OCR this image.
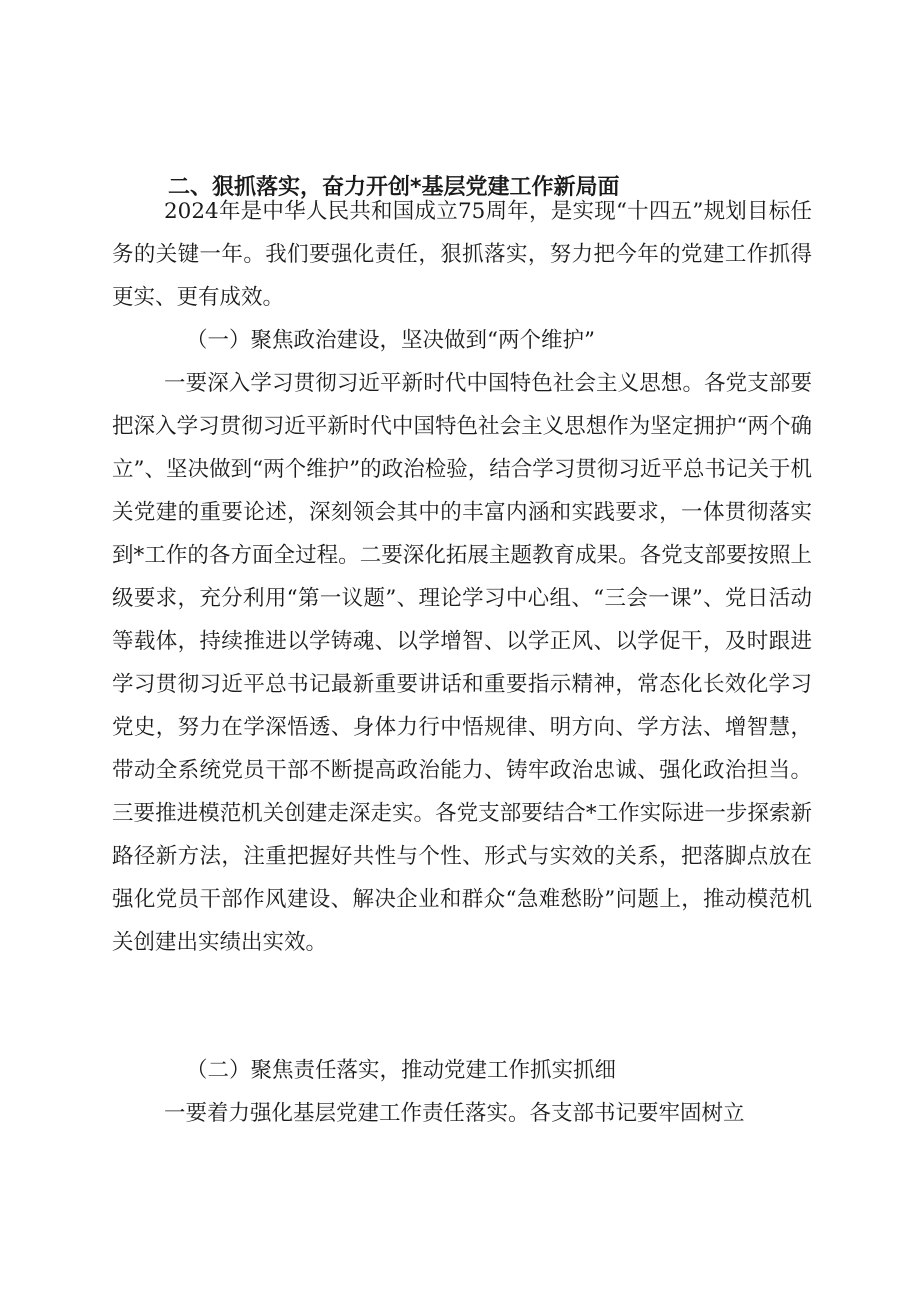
二、狠抓落实，奋力开创*基层党建工作新局面
2024年是中华人民共和国成立75周年，是实现“十四五”规划目标任务的关键一年。我们要强化责任，狠抓落实，努力把今年的党建工作抓得更实、更有成效。
（一）聚焦政治建设，坚决做到“两个维护”
一要深入学习贯彻习近平新时代中国特色社会主义思想。各党支部要把深入学习贯彻习近平新时代中国特色社会主义思想作为坚定拥护“两个确立”、坚决做到“两个维护”的政治检验，结合学习贯彻习近平总书记关于机关党建的重要论述，深刻领会其中的丰富内涵和实践要求，一体贯彻落实到*工作的各方面全过程。二要深化拓展主题教育成果。各党支部要按照上级要求，充分利用“第一议题”、理论学习中心组、“三会一课”、党日活动等载体，持续推进以学铸魂、以学增智、以学正风、以学促干，及时跟进学习贯彻习近平总书记最新重要讲话和重要指示精神，常态化长效化学习党史，努力在学深悟透、身体力行中悟规律、明方向、学方法、增智慧，带动全系统党员干部不断提高政治能力、铸牢政治忠诚、强化政治担当。三要推进模范机关创建走深走实。各党支部要结合*工作实际进一步探索新路径新方法，注重把握好共性与个性、形式与实效的关系，把落脚点放在强化党员干部作风建设、解决企业和群众“急难愁盼”问题上，推动模范机关创建出实绩出实效。
（二）聚焦责任落实，推动党建工作抓实抓细
一要着力强化基层党建工作责任落实。各支部书记要牢固树立
